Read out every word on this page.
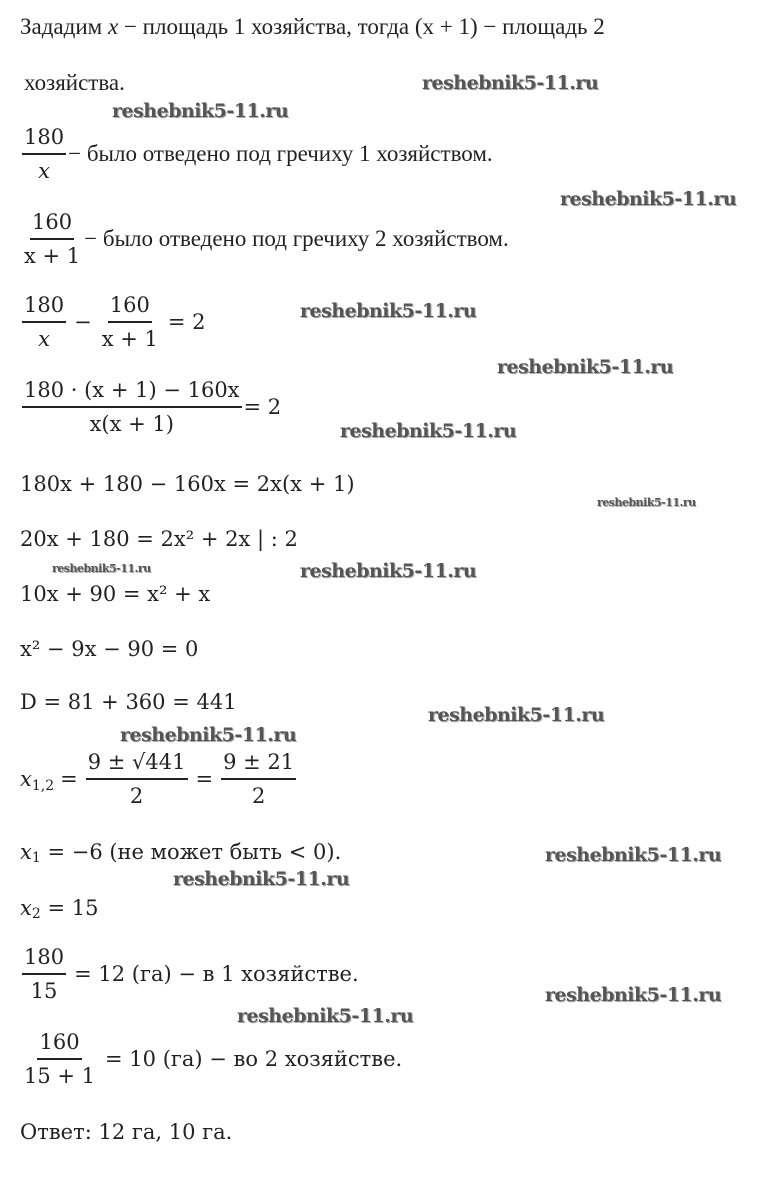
Зададим
x
− площадь 1 хозяйства, тогда
(x + 1)
− площадь 2
хозяйства.
$\frac{180}{x}$ − было отведено под гречиху 1 хозяйством.
$\frac{160}{x + 1}$ − было отведено под гречиху 2 хозяйством.
$\frac{180}{x} - \frac{160}{x + 1} = 2$
$\frac{180 \cdot (x + 1) - 160x}{x(x + 1)} = 2$
180x + 180 − 160x = 2x(x + 1)
20x + 180 = 2x² + 2x | : 2
10x + 90 = x² + x
x² − 9x − 90 = 0
D = 81 + 360 = 441
$x_{1,2} = \frac{9 \pm √441}{2} = \frac{9 \pm 21}{2}$
$x_1$
= −6 (не может быть < 0).
$x_2$
= 15
$\frac{180}{15} = 12$ (га) − в 1 хозяйстве.
$\frac{160}{15 + 1} = 10$ (га) − во 2 хозяйстве.
Ответ: 12 га, 10 га.
reshebnik5-11.ru
reshebnik5-11.ru
reshebnik5-11.ru
reshebnik5-11.ru
reshebnik5-11.ru
reshebnik5-11.ru
reshebnik5-11.ru
reshebnik5-11.ru	reshebnik5-11.ru
reshebnik5-11.ru
reshebnik5-11.ru
reshebnik5-11.ru
reshebnik5-11.ru
reshebnik5-11.ru
reshebnik5-11.ru
